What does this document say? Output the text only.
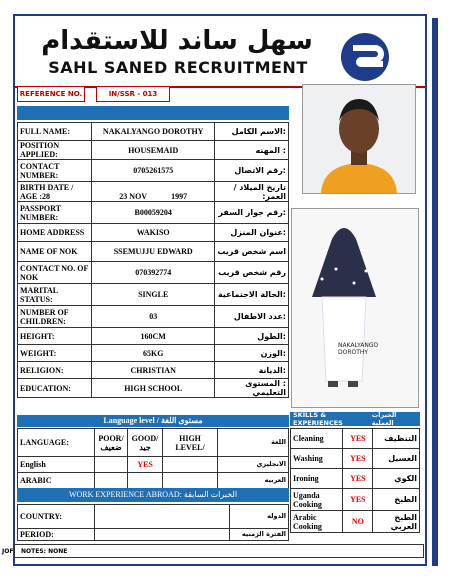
سهل ساند للاستقدام
SAHL SANED RECRUITMENT
REFERENCE NO.	IN/SSR - 013
FULL NAME:	NAKALYANGO DOROTHY	:الاسم الكامل
POSITION APPLIED:	HOUSEMAID	: المهنه
CONTACT NUMBER:	0705261575	:رقم الاتصال
BIRTH DATE / AGE :28	23 NOV 1997	تاريخ الميلاد / العمر:
PASSPORT NUMBER:	B00059204	:رقم جواز السفر
HOME ADDRESS	WAKISO	:عنوان المنزل
NAME OF NOK	SSEMUJJU EDWARD	اسم شخص قريب
CONTACT NO. OF NOK	070392774	رقم شخص قريب
MARITAL STATUS:	SINGLE	:الحالة الاجتماعية
NUMBER OF CHILDREN:	03	:عدد الاطفال
HEIGHT:	160CM	:الطول
WEIGHT:	65KG	:الوزن
RELIGION:	CHRISTIAN	:الديانة
EDUCATION:	HIGH SCHOOL	: المستوى التعليمي
Language level / مستوى اللغة
LANGUAGE:	POOR/ ضعيف	GOOD/جيد	HIGH LEVEL/	اللغة
English		YES		الانجليزي
ARABIC				العربيه
WORK EXPERIENCE ABROAD: الخبرات السابقة
COUNTRY:		الدوله
PERIOD:		الفترة الزمنيه
NAKALYANGO DOROTHY
SKILLS & EXPERIENCES
الخبرات العملية
Cleaning	YES	التنظيف
Washing	YES	الغسيل
Ironing	YES	الكوي
Uganda Cooking	YES	الطبخ
Arabic Cooking	NO	الطبخ العربي
NOTES: NONE
JOF
